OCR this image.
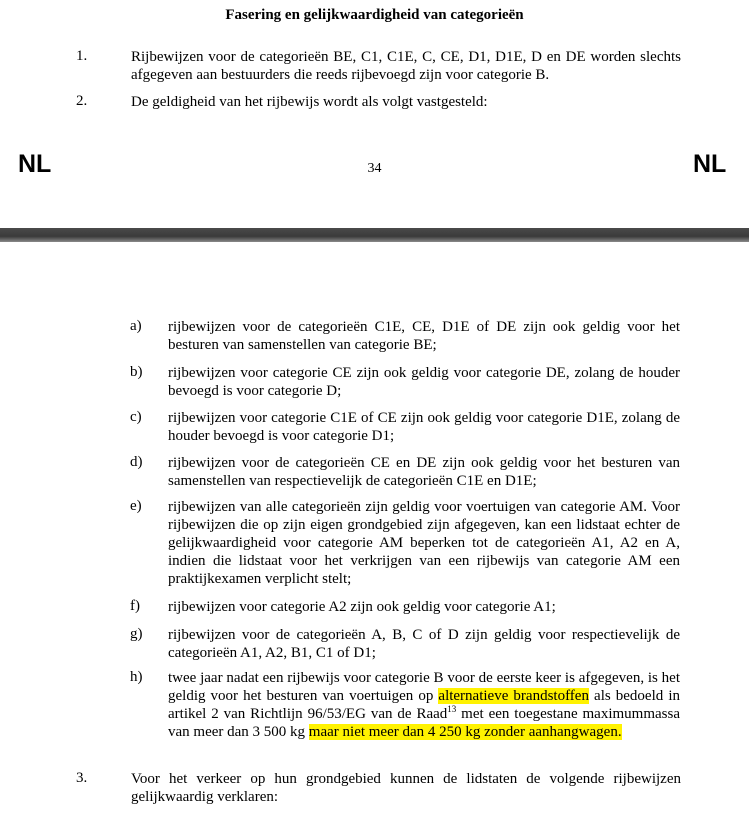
Fasering en gelijkwaardigheid van categorieën
1.	Rijbewijzen voor de categorieën BE, C1, C1E, C, CE, D1, D1E, D en DE worden slechts afgegeven aan bestuurders die reeds rijbevoegd zijn voor categorie B.
2.	De geldigheid van het rijbewijs wordt als volgt vastgesteld:
NL	34	NL
a) rijbewijzen voor de categorieën C1E, CE, D1E of DE zijn ook geldig voor het besturen van samenstellen van categorie BE;
b) rijbewijzen voor categorie CE zijn ook geldig voor categorie DE, zolang de houder bevoegd is voor categorie D;
c) rijbewijzen voor categorie C1E of CE zijn ook geldig voor categorie D1E, zolang de houder bevoegd is voor categorie D1;
d) rijbewijzen voor de categorieën CE en DE zijn ook geldig voor het besturen van samenstellen van respectievelijk de categorieën C1E en D1E;
e) rijbewijzen van alle categorieën zijn geldig voor voertuigen van categorie AM. Voor rijbewijzen die op zijn eigen grondgebied zijn afgegeven, kan een lidstaat echter de gelijkwaardigheid voor categorie AM beperken tot de categorieën A1, A2 en A, indien die lidstaat voor het verkrijgen van een rijbewijs van categorie AM een praktijkexamen verplicht stelt;
f) rijbewijzen voor categorie A2 zijn ook geldig voor categorie A1;
g) rijbewijzen voor de categorieën A, B, C of D zijn geldig voor respectievelijk de categorieën A1, A2, B1, C1 of D1;
h) twee jaar nadat een rijbewijs voor categorie B voor de eerste keer is afgegeven, is het geldig voor het besturen van voertuigen op alternatieve brandstoffen als bedoeld in artikel 2 van Richtlijn 96/53/EG van de Raad$^{13}$ met een toegestane maximummassa van meer dan 3 500 kg maar niet meer dan 4 250 kg zonder aanhangwagen.
3.	Voor het verkeer op hun grondgebied kunnen de lidstaten de volgende rijbewijzen gelijkwaardig verklaren:
